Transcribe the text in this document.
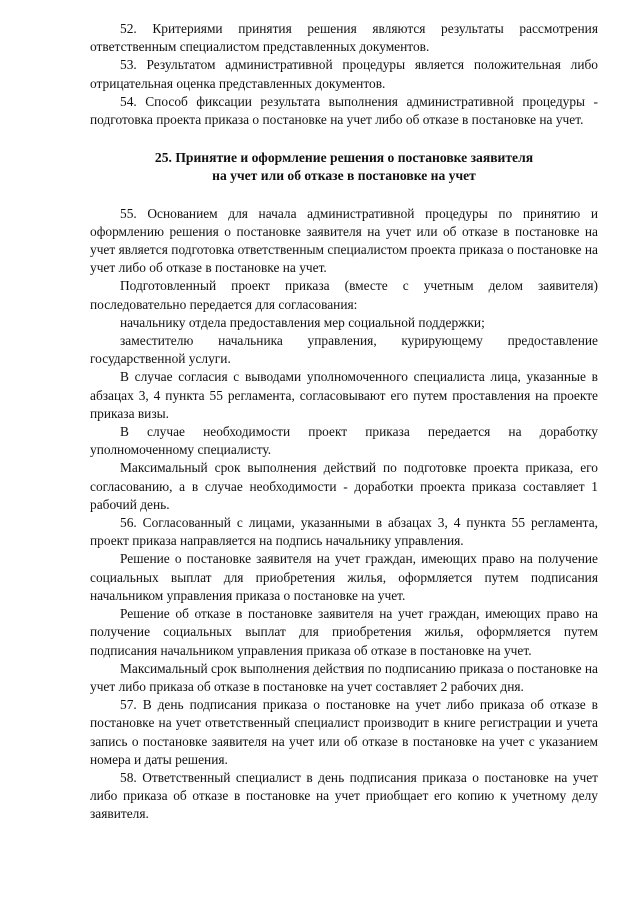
52. Критериями принятия решения являются результаты рассмотрения ответственным специалистом представленных документов.

53. Результатом административной процедуры является положительная либо отрицательная оценка представленных документов.

54. Способ фиксации результата выполнения административной процедуры - подготовка проекта приказа о постановке на учет либо об отказе в постановке на учет.

25. Принятие и оформление решения о постановке заявителя
на учет или об отказе в постановке на учет

55. Основанием для начала административной процедуры по принятию и оформлению решения о постановке заявителя на учет или об отказе в постановке на учет является подготовка ответственным специалистом проекта приказа о постановке на учет либо об отказе в постановке на учет.

Подготовленный проект приказа (вместе с учетным делом заявителя) последовательно передается для согласования:

начальнику отдела предоставления мер социальной поддержки;

заместителю начальника управления, курирующему предоставление государственной услуги.

В случае согласия с выводами уполномоченного специалиста лица, указанные в абзацах 3, 4 пункта 55 регламента, согласовывают его путем проставления на проекте приказа визы.

В случае необходимости проект приказа передается на доработку уполномоченному специалисту.

Максимальный срок выполнения действий по подготовке проекта приказа, его согласованию, а в случае необходимости - доработки проекта приказа составляет 1 рабочий день.

56. Согласованный с лицами, указанными в абзацах 3, 4 пункта 55 регламента, проект приказа направляется на подпись начальнику управления.

Решение о постановке заявителя на учет граждан, имеющих право на получение социальных выплат для приобретения жилья, оформляется путем подписания начальником управления приказа о постановке на учет.

Решение об отказе в постановке заявителя на учет граждан, имеющих право на получение социальных выплат для приобретения жилья, оформляется путем подписания начальником управления приказа об отказе в постановке на учет.

Максимальный срок выполнения действия по подписанию приказа о постановке на учет либо приказа об отказе в постановке на учет составляет 2 рабочих дня.

57. В день подписания приказа о постановке на учет либо приказа об отказе в постановке на учет ответственный специалист производит в книге регистрации и учета запись о постановке заявителя на учет или об отказе в постановке на учет с указанием номера и даты решения.

58. Ответственный специалист в день подписания приказа о постановке на учет либо приказа об отказе в постановке на учет приобщает его копию к учетному делу заявителя.
